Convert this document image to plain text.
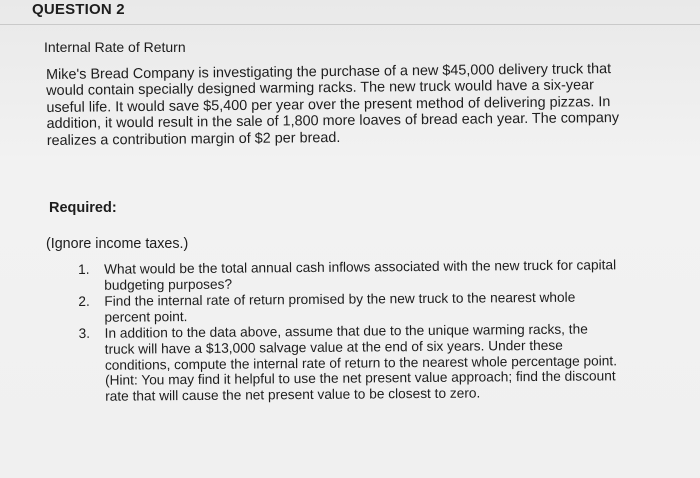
QUESTION 2
Internal Rate of Return
Mike's Bread Company is investigating the purchase of a new $45,000 delivery truck that would contain specially designed warming racks. The new truck would have a six-year useful life. It would save $5,400 per year over the present method of delivering pizzas. In addition, it would result in the sale of 1,800 more loaves of bread each year. The company realizes a contribution margin of $2 per bread.
Required:
(Ignore income taxes.)
1.	What would be the total annual cash inflows associated with the new truck for capital budgeting purposes?
2.	Find the internal rate of return promised by the new truck to the nearest whole percent point.
3.	In addition to the data above, assume that due to the unique warming racks, the truck will have a $13,000 salvage value at the end of six years. Under these conditions, compute the internal rate of return to the nearest whole percentage point. (Hint: You may find it helpful to use the net present value approach; find the discount rate that will cause the net present value to be closest to zero.
